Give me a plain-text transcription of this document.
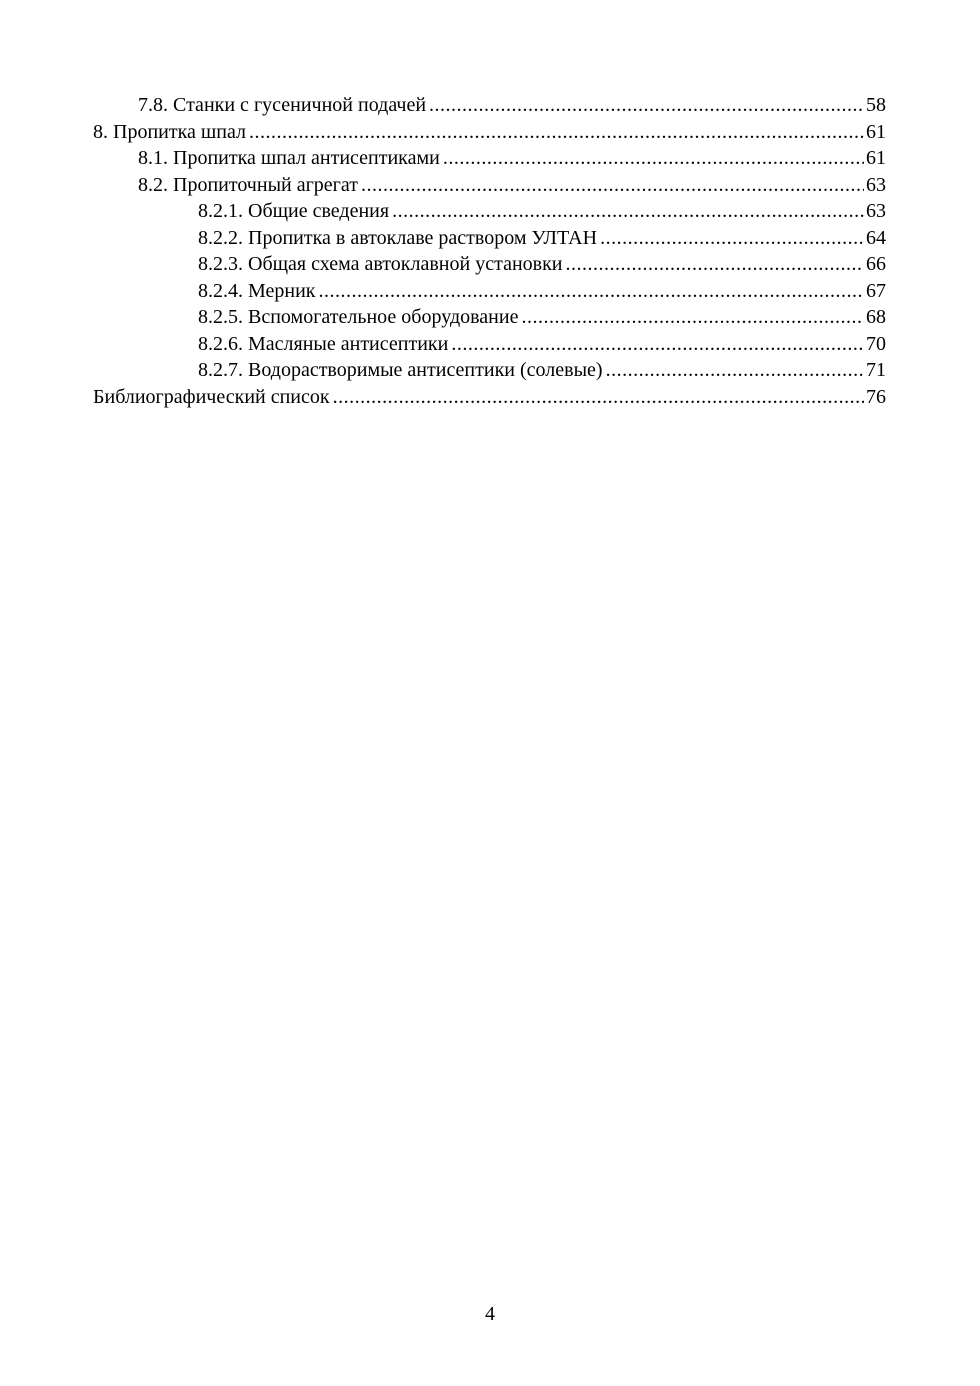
7.8. Станки с гусеничной подачей .....	58
8. Пропитка шпал .....	61
8.1. Пропитка шпал антисептиками .....	61
8.2. Пропиточный агрегат .....	63
8.2.1. Общие сведения .....	63
8.2.2. Пропитка в автоклаве раствором УЛТАН .....	64
8.2.3. Общая схема автоклавной установки .....	66
8.2.4. Мерник .....	67
8.2.5. Вспомогательное оборудование .....	68
8.2.6. Масляные антисептики .....	70
8.2.7. Водорастворимые антисептики (солевые) .....	71
Библиографический список .....	76
4
